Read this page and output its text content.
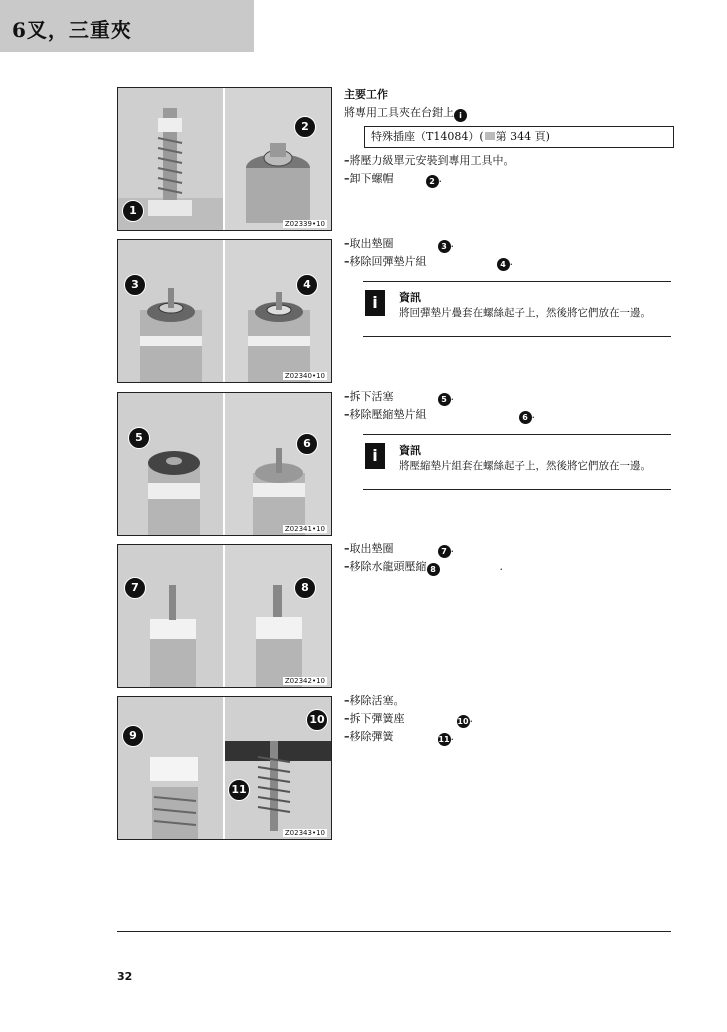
6叉，三重夾
1
2
Z02339•10
3	4
Z02340•10
5	6
Z02341•10
7	8
Z02342•10
9
10
11
Z02343•10
主要工作
將專用工具夾在台鉗上 i
特殊插座（T14084）( 第 344 頁)
–將壓力級單元安裝到專用工具中。
–卸下螺帽	2 .
–取出墊圈	3 .
–移除回彈墊片組	4 .
i	資訊
將回彈墊片疊套在螺絲起子上，然後將它們放在一邊。
–拆下活塞	5 .
–移除壓縮墊片組	6 .
i	資訊
將壓縮墊片組套在螺絲起子上，然後將它們放在一邊。
–取出墊圈	7 .
–移除水龍頭壓縮 8	.
–移除活塞。
–拆下彈簧座	10.
–移除彈簧	11.
32
